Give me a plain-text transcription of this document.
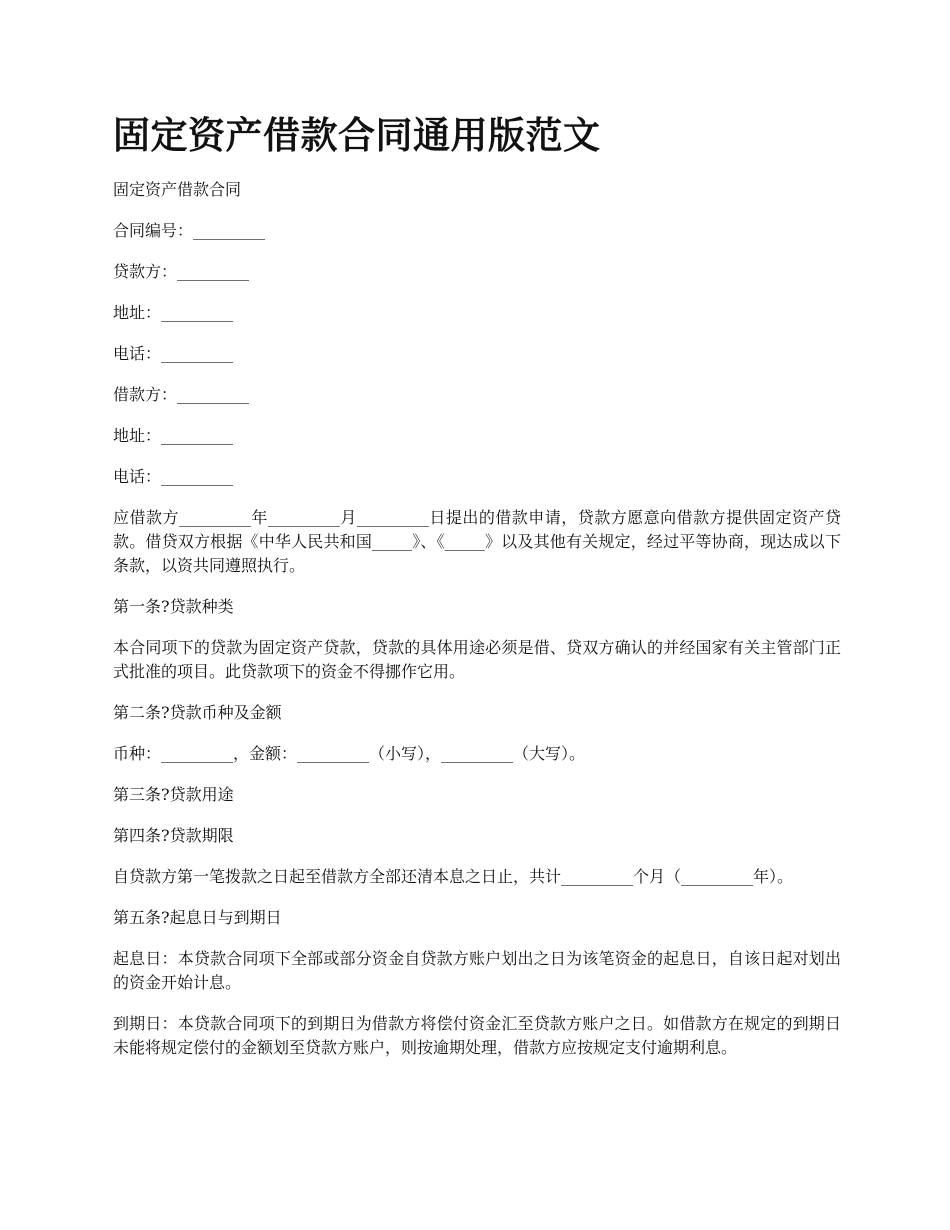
固定资产借款合同通用版范文

固定资产借款合同

合同编号：_________

贷款方：_________

地址：_________

电话：_________

借款方：_________

地址：_________

电话：_________

应借款方_________年_________月_________日提出的借款申请，贷款方愿意向借款方提供固定资产贷款。借贷双方根据《中华人民共和国_____》、《_____》以及其他有关规定，经过平等协商，现达成以下条款，以资共同遵照执行。

第一条?贷款种类

本合同项下的贷款为固定资产贷款，贷款的具体用途必须是借、贷双方确认的并经国家有关主管部门正式批准的项目。此贷款项下的资金不得挪作它用。

第二条?贷款币种及金额

币种：_________，金额：_________（小写），_________（大写）。

第三条?贷款用途

第四条?贷款期限

自贷款方第一笔拨款之日起至借款方全部还清本息之日止，共计_________个月（_________年）。

第五条?起息日与到期日

起息日：本贷款合同项下全部或部分资金自贷款方账户划出之日为该笔资金的起息日，自该日起对划出的资金开始计息。

到期日：本贷款合同项下的到期日为借款方将偿付资金汇至贷款方账户之日。如借款方在规定的到期日未能将规定偿付的金额划至贷款方账户，则按逾期处理，借款方应按规定支付逾期利息。
